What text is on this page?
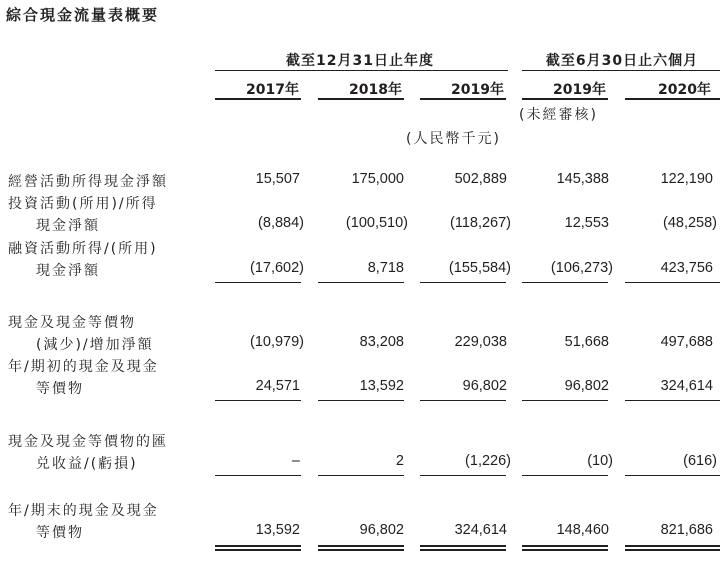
綜合現金流量表概要
截至12月31日止年度	截至6月30日止六個月
2017年	2018年	2019年	2019年	2020年
(未經審核)
(人民幣千元)
經營活動所得現金淨額	15,507	175,000	502,889	145,388	122,190
投資活動(所用)/所得
現金淨額	(8,884)	(100,510)	(118,267)	12,553	(48,258)
融資活動所得/(所用)
現金淨額	(17,602)	8,718	(155,584)	(106,273)	423,756
現金及現金等價物
(減少)/增加淨額	(10,979)	83,208	229,038	51,668	497,688
年/期初的現金及現金
等價物	24,571	13,592	96,802	96,802	324,614
現金及現金等價物的匯
兑收益/(虧損)	–	2	(1,226)	(10)	(616)
年/期末的現金及現金
等價物	13,592	96,802	324,614	148,460	821,686
